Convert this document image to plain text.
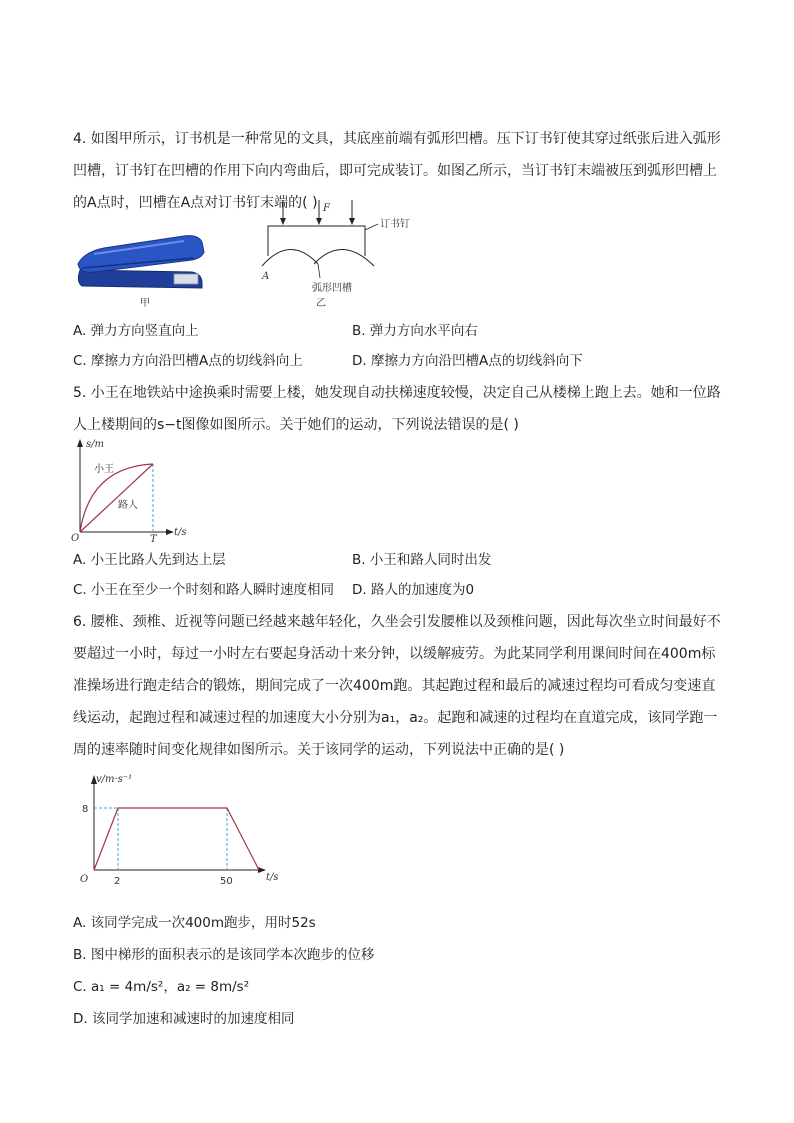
4. 如图甲所示，订书机是一种常见的文具，其底座前端有弧形凹槽。压下订书钉使其穿过纸张后进入弧形
凹槽，订书钉在凹槽的作用下向内弯曲后，即可完成装订。如图乙所示，当订书钉末端被压到弧形凹槽上
的A点时，凹槽在A点对订书钉末端的( )
甲
F
订书钉
A
弧形凹槽
乙
A. 弹力方向竖直向上	B. 弹力方向水平向右
C. 摩擦力方向沿凹槽A点的切线斜向上	D. 摩擦力方向沿凹槽A点的切线斜向下
5. 小王在地铁站中途换乘时需要上楼，她发现自动扶梯速度较慢，决定自己从楼梯上跑上去。她和一位路
人上楼期间的s−t图像如图所示。关于她们的运动，下列说法错误的是( )
s/m
t/s
O	T
小王
路人
A. 小王比路人先到达上层	B. 小王和路人同时出发
C. 小王在至少一个时刻和路人瞬时速度相同 D. 路人的加速度为0
6. 腰椎、颈椎、近视等问题已经越来越年轻化，久坐会引发腰椎以及颈椎问题，因此每次坐立时间最好不
要超过一小时，每过一小时左右要起身活动十来分钟，以缓解疲劳。为此某同学利用课间时间在400m标
准操场进行跑走结合的锻炼，期间完成了一次400m跑。其起跑过程和最后的减速过程均可看成匀变速直
线运动，起跑过程和减速过程的加速度大小分别为a₁，a₂。起跑和减速的过程均在直道完成，该同学跑一
周的速率随时间变化规律如图所示。关于该同学的运动，下列说法中正确的是( )
v/m·s⁻¹
t/s
O
8
2	50
A. 该同学完成一次400m跑步，用时52s
B. 图中梯形的面积表示的是该同学本次跑步的位移
C. a₁ = 4m/s²，a₂ = 8m/s²
D. 该同学加速和减速时的加速度相同
